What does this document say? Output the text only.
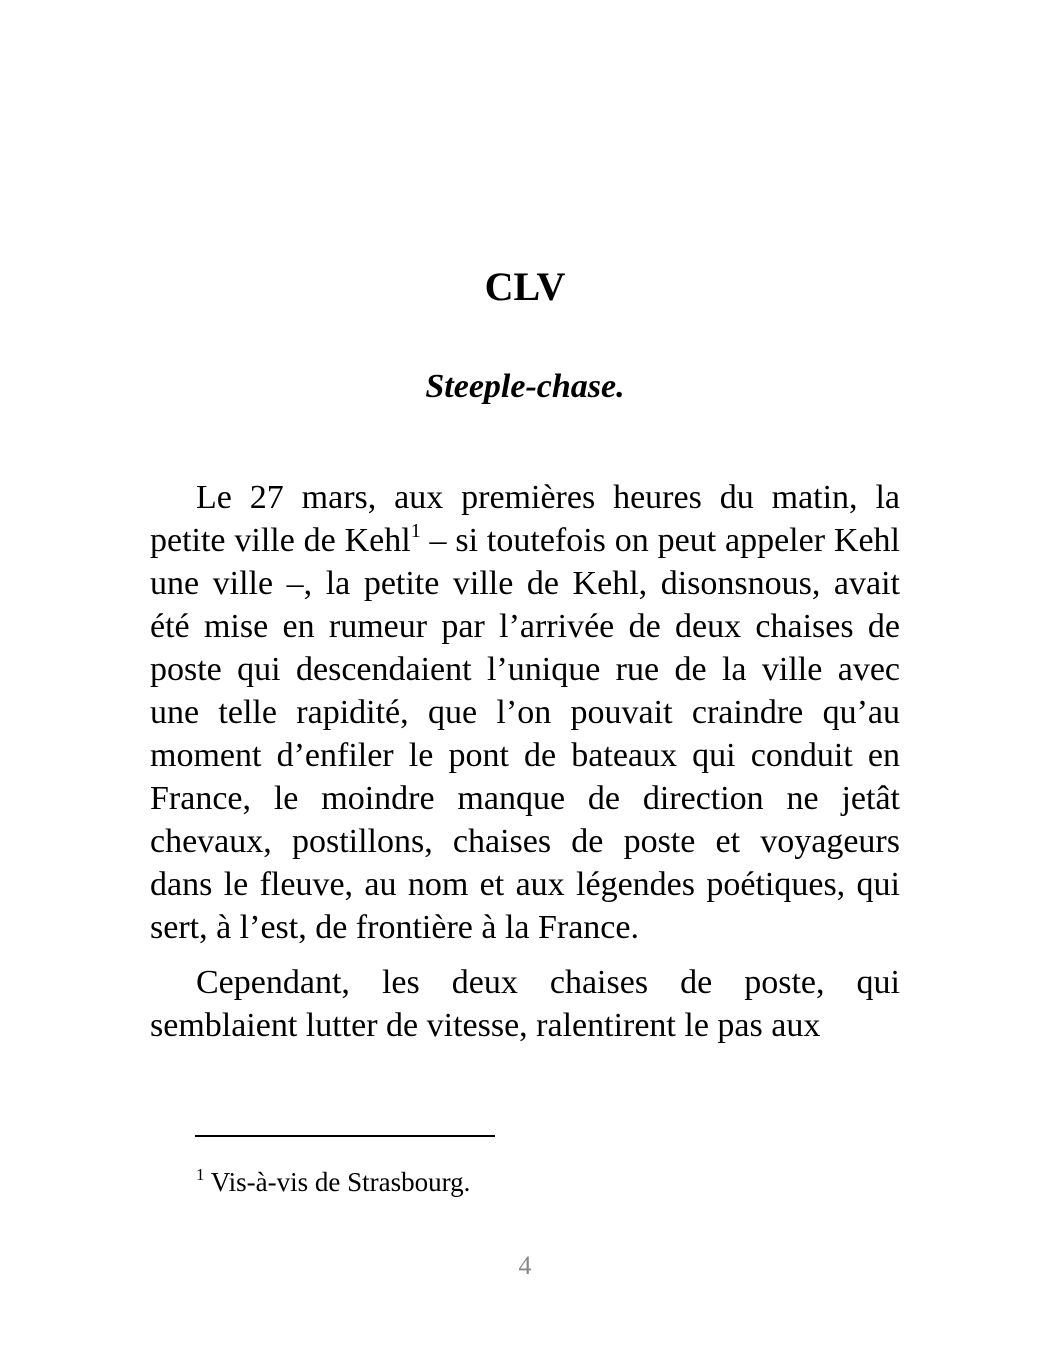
CLV
Steeple-chase.

Le 27 mars, aux premières heures du matin, la petite ville de Kehl$^1$ – si toutefois on peut appeler Kehl une ville –, la petite ville de Kehl, disonsnous, avait été mise en rumeur par l’arrivée de deux chaises de poste qui descendaient l’unique rue de la ville avec une telle rapidité, que l’on pouvait craindre qu’au moment d’enfiler le pont de bateaux qui conduit en France, le moindre manque de direction ne jetât chevaux, postillons, chaises de poste et voyageurs dans le fleuve, au nom et aux légendes poétiques, qui sert, à l’est, de frontière à la France.

Cependant, les deux chaises de poste, qui semblaient lutter de vitesse, ralentirent le pas aux

$^1$ Vis-à-vis de Strasbourg.

4
